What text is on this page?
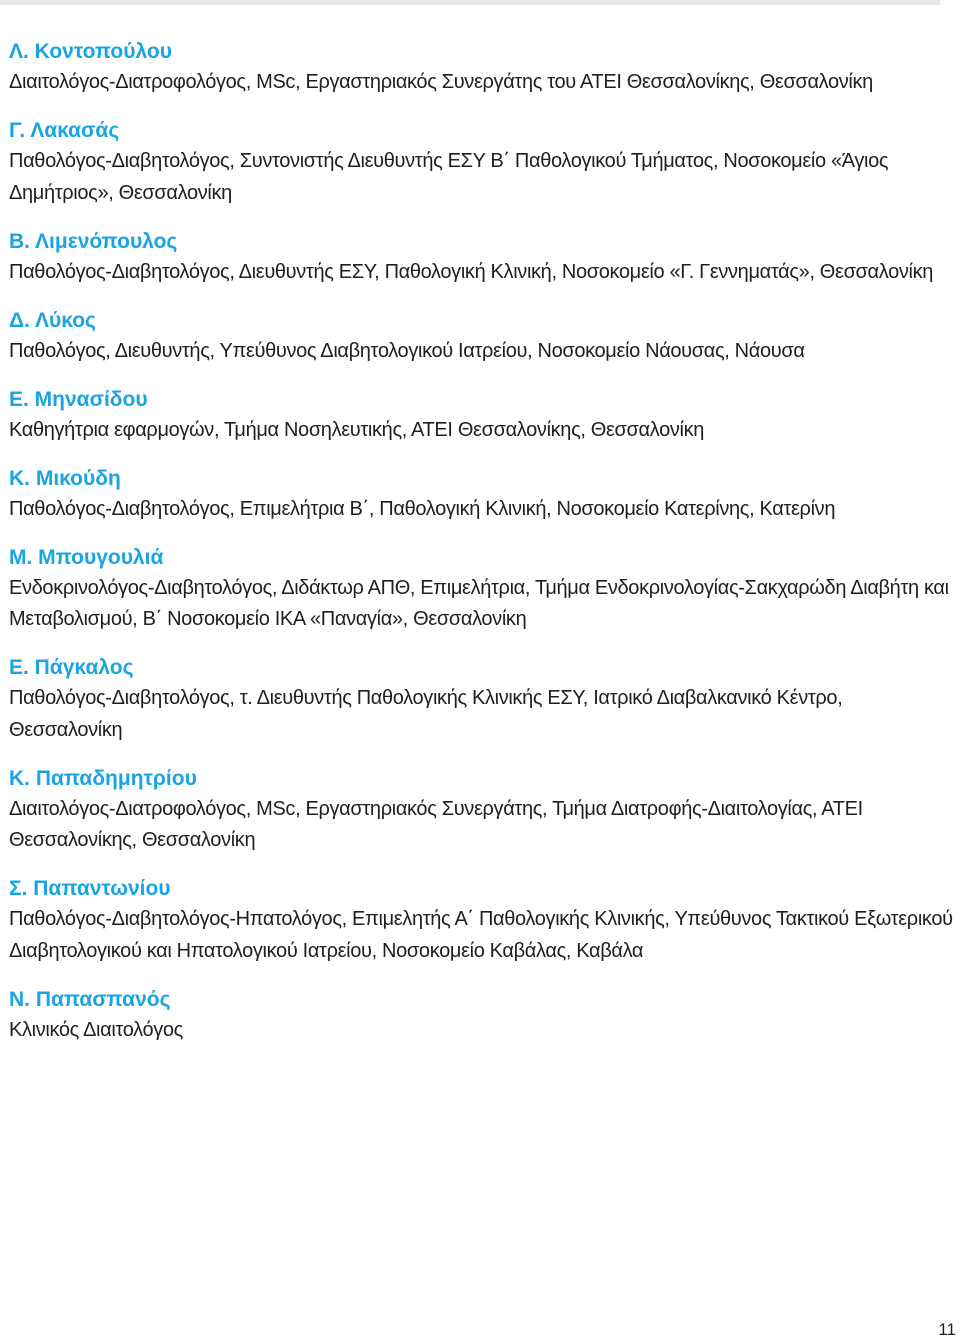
Λ. Κοντοπούλου
Διαιτολόγος-Διατροφολόγος, MSc, Εργαστηριακός Συνεργάτης του ΑΤΕΙ Θεσσαλονίκης, Θεσσαλονίκη
Γ. Λακασάς
Παθολόγος-Διαβητολόγος, Συντονιστής Διευθυντής ΕΣΥ Β΄ Παθολογικού Τμήματος, Νοσοκομείο «Άγιος Δημήτριος», Θεσσαλονίκη
Β. Λιμενόπουλος
Παθολόγος-Διαβητολόγος, Διευθυντής ΕΣΥ, Παθολογική Κλινική, Νοσοκομείο «Γ. Γεννηματάς», Θεσσαλονίκη
Δ. Λύκος
Παθολόγος, Διευθυντής, Υπεύθυνος Διαβητολογικού Ιατρείου, Νοσοκομείο Νάουσας, Νάουσα
Ε. Μηνασίδου
Καθηγήτρια εφαρμογών, Τμήμα Νοσηλευτικής, ΑΤΕΙ Θεσσαλονίκης, Θεσσαλονίκη
Κ. Μικούδη
Παθολόγος-Διαβητολόγος, Επιμελήτρια Β΄, Παθολογική Κλινική, Νοσοκομείο Κατερίνης, Κατερίνη
Μ. Μπουγουλιά
Ενδοκρινολόγος-Διαβητολόγος, Διδάκτωρ ΑΠΘ, Επιμελήτρια, Τμήμα Ενδοκρινολογίας-Σακχαρώδη Διαβήτη και Μεταβολισμού, Β΄ Νοσοκομείο ΙΚΑ «Παναγία», Θεσσαλονίκη
Ε. Πάγκαλος
Παθολόγος-Διαβητολόγος, τ. Διευθυντής Παθολογικής Κλινικής ΕΣΥ, Ιατρικό Διαβαλκανικό Κέντρο, Θεσσαλονίκη
Κ. Παπαδημητρίου
Διαιτολόγος-Διατροφολόγος, MSc, Εργαστηριακός Συνεργάτης, Τμήμα Διατροφής-Διαιτολογίας, ΑΤΕΙ Θεσσαλονίκης, Θεσσαλονίκη
Σ. Παπαντωνίου
Παθολόγος-Διαβητολόγος-Ηπατολόγος, Επιμελητής Α΄ Παθολογικής Κλινικής, Υπεύθυνος Τακτικού Εξωτερικού Διαβητολογικού και Ηπατολογικού Ιατρείου, Νοσοκομείο Καβάλας, Καβάλα
Ν. Παπασπανός
Κλινικός Διαιτολόγος
11
